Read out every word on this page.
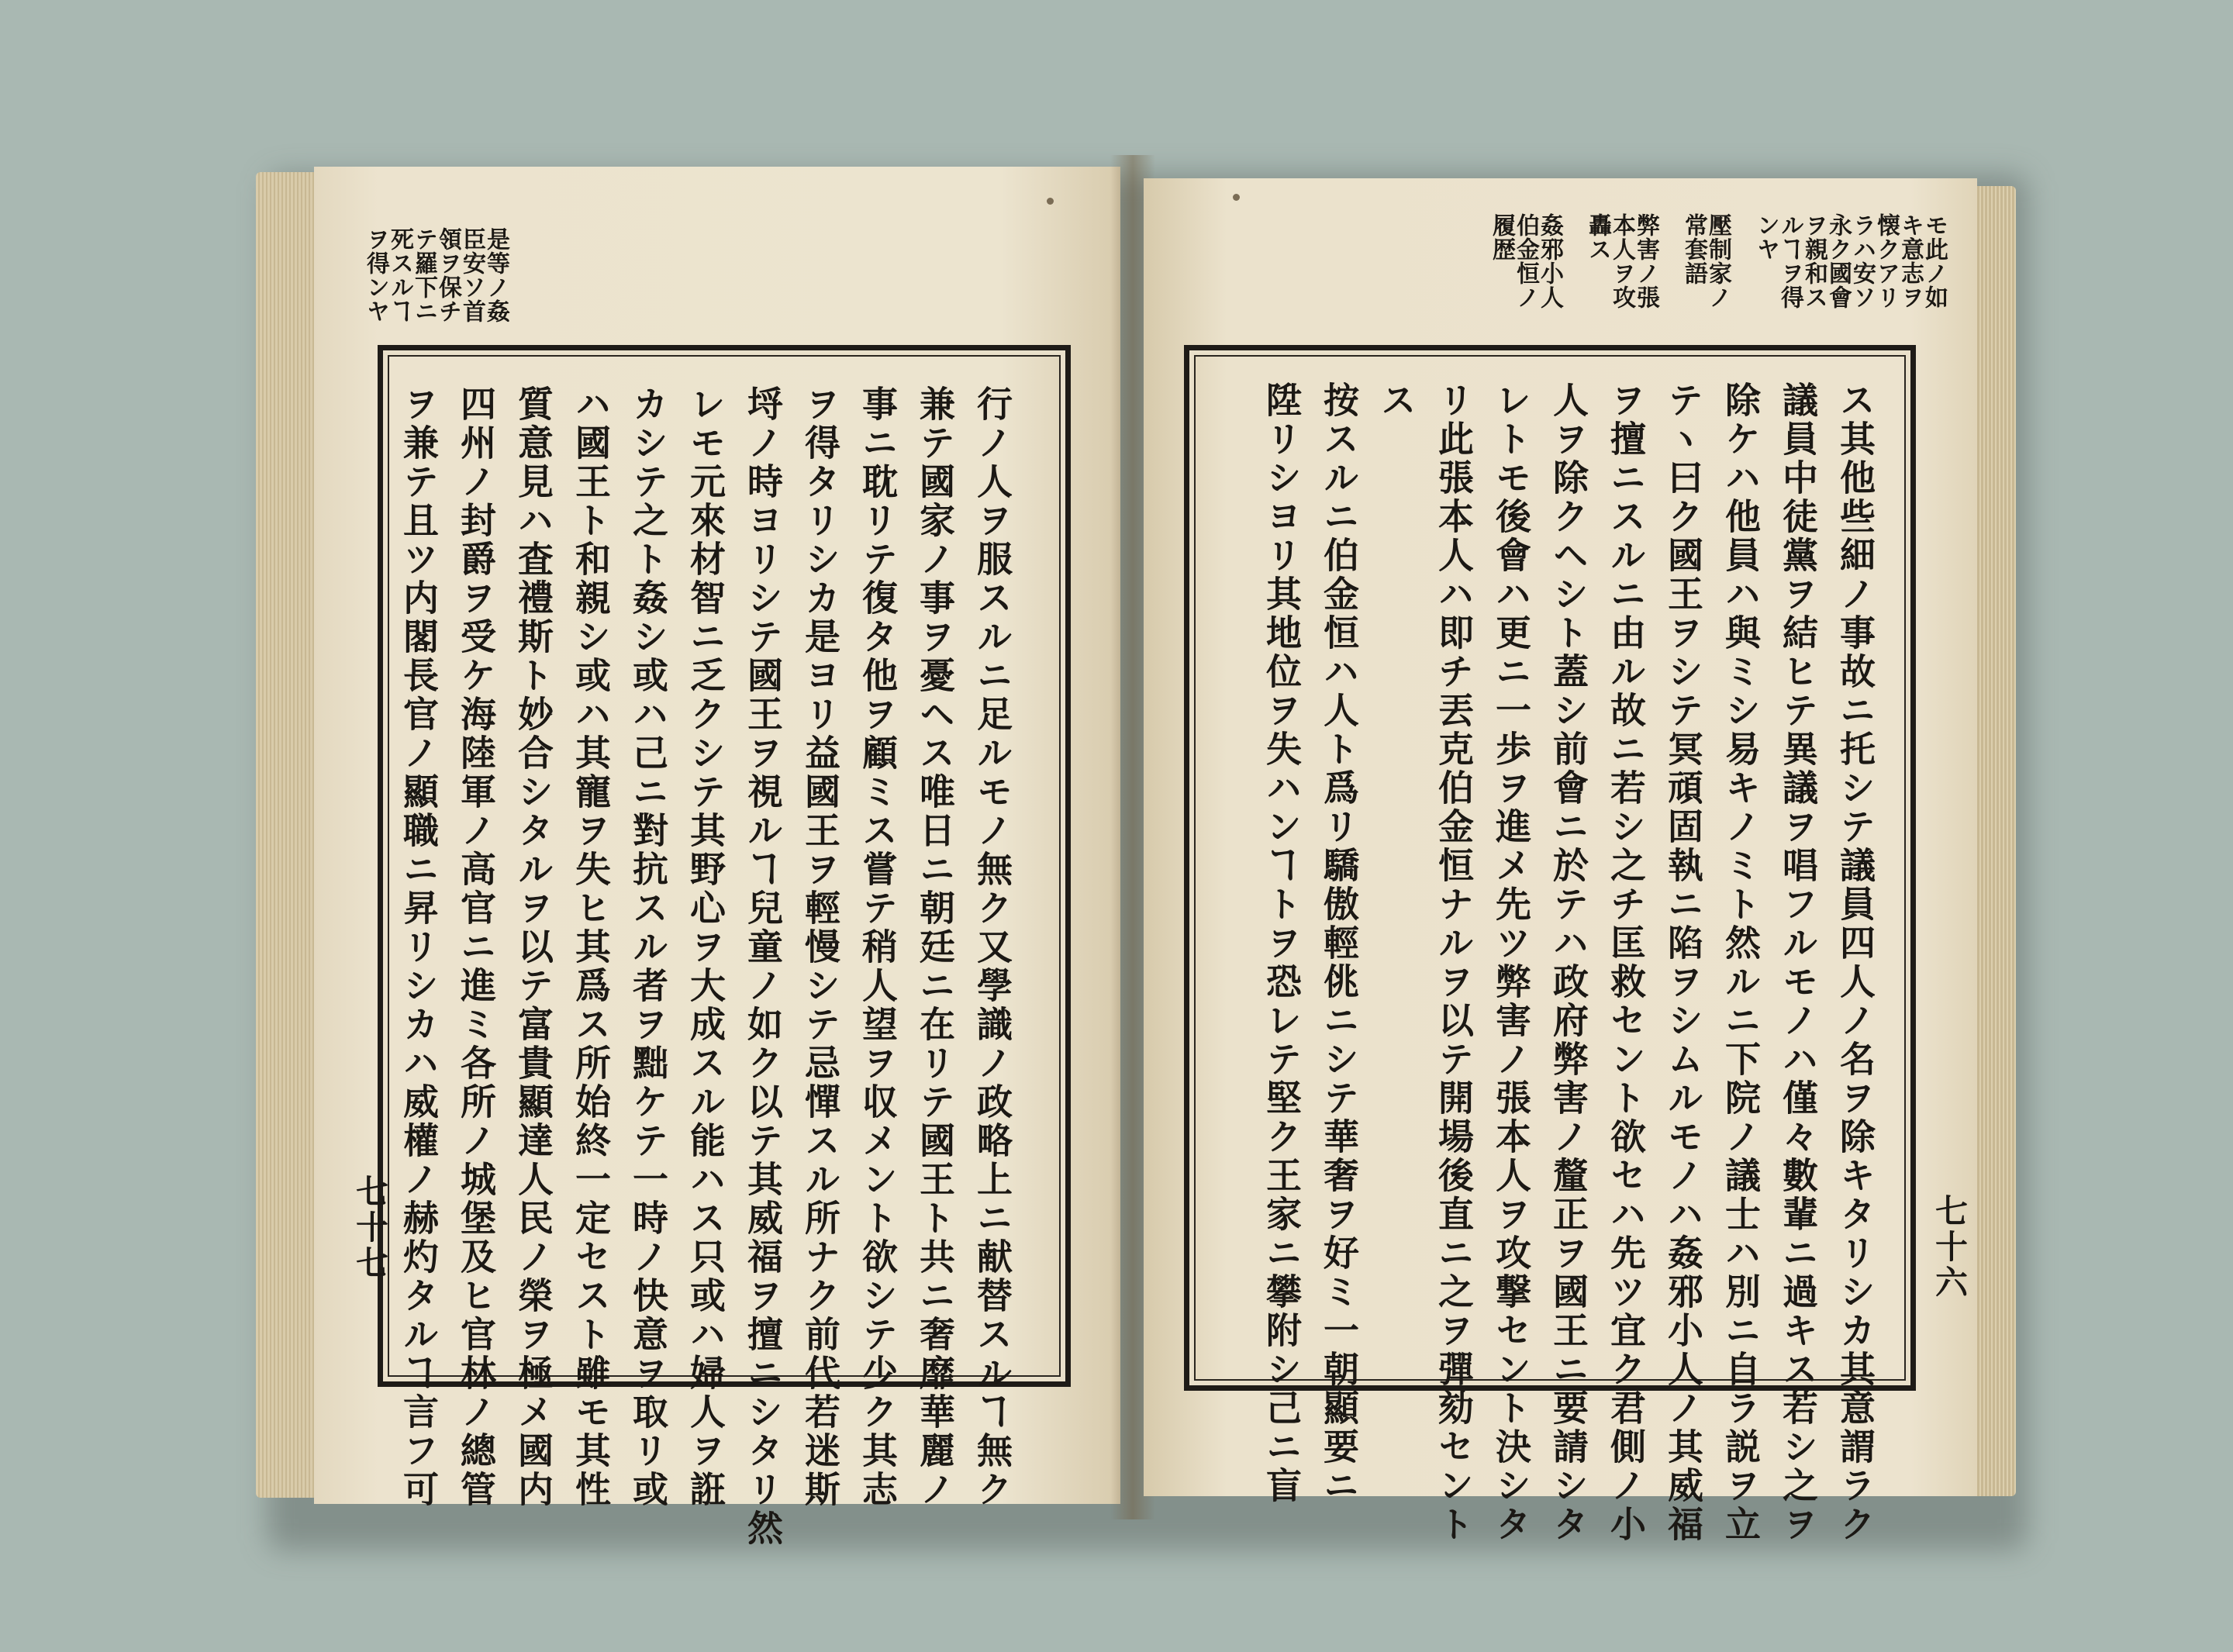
是等ノ姦
臣安ソ首
領ヲ保チ
テ羅下ニ
死スルヿ
ヲ得ンヤ
行ノ人ヲ服スルニ足ルモノ無ク又學識ノ政略上ニ献替スルヿ無ク
兼テ國家ノ事ヲ憂ヘス唯日ニ朝廷ニ在リテ國王ト共ニ奢靡華麗ノ
事ニ耽リテ復タ他ヲ顧ミス嘗テ稍人望ヲ収メント欲シテ少ク其志
ヲ得タリシカ是ヨリ益國王ヲ輕慢シテ忌憚スル所ナク前代若迷斯
埒ノ時ヨリシテ國王ヲ視ルヿ兒童ノ如ク以テ其威福ヲ擅ニシタリ然
レモ元來材智ニ乏クシテ其野心ヲ大成スル能ハス只或ハ婦人ヲ誑
カシテ之ト姦シ或ハ己ニ對抗スル者ヲ黜ケテ一時ノ快意ヲ取リ或
ハ國王ト和親シ或ハ其寵ヲ失ヒ其爲ス所始終一定セスト雖モ其性
質意見ハ査禮斯ト妙合シタルヲ以テ富貴顯達人民ノ榮ヲ極メ國内
四州ノ封爵ヲ受ケ海陸軍ノ高官ニ進ミ各所ノ城堡及ヒ官林ノ總管
ヲ兼テ且ツ内閣長官ノ顯職ニ昇リシカハ威權ノ赫灼タルヿ言フ可
七十七
モ此ノ如
キ意志ヲ
懐クアリ
ラハ安ソ
永ク國會
ヲ親和ス
ルヿヲ得
ンヤ

壓制家ノ
常套語

弊害ノ張
本人ヲ攻
轟ス

姦邪小人
伯金恒ノ
履歴
ス其他些細ノ事故ニ托シテ議員四人ノ名ヲ除キタリシカ其意謂ラク
議員中徒黨ヲ結ヒテ異議ヲ唱フルモノハ僅々數輩ニ過キス若シ之ヲ
除ケハ他員ハ與ミシ易キノミト然ルニ下院ノ議士ハ別ニ自ラ説ヲ立
テヽ曰ク國王ヲシテ冥頑固執ニ陷ヲシムルモノハ姦邪小人ノ其威福
ヲ擅ニスルニ由ル故ニ若シ之チ匡救セント欲セハ先ツ宜ク君側ノ小
人ヲ除クヘシト蓋シ前會ニ於テハ政府弊害ノ釐正ヲ國王ニ要請シタ
レトモ後會ハ更ニ一歩ヲ進メ先ツ弊害ノ張本人ヲ攻撃セント決シタ
リ此張本人ハ即チ丟克伯金恒ナルヲ以テ開場後直ニ之ヲ彈劾セント
ス
按スルニ伯金恒ハ人ト爲リ驕傲輕佻ニシテ華奢ヲ好ミ一朝顯要ニ
陞リシヨリ其地位ヲ失ハンヿトヲ恐レテ堅ク王家ニ攀附シ己ニ盲	七十六
